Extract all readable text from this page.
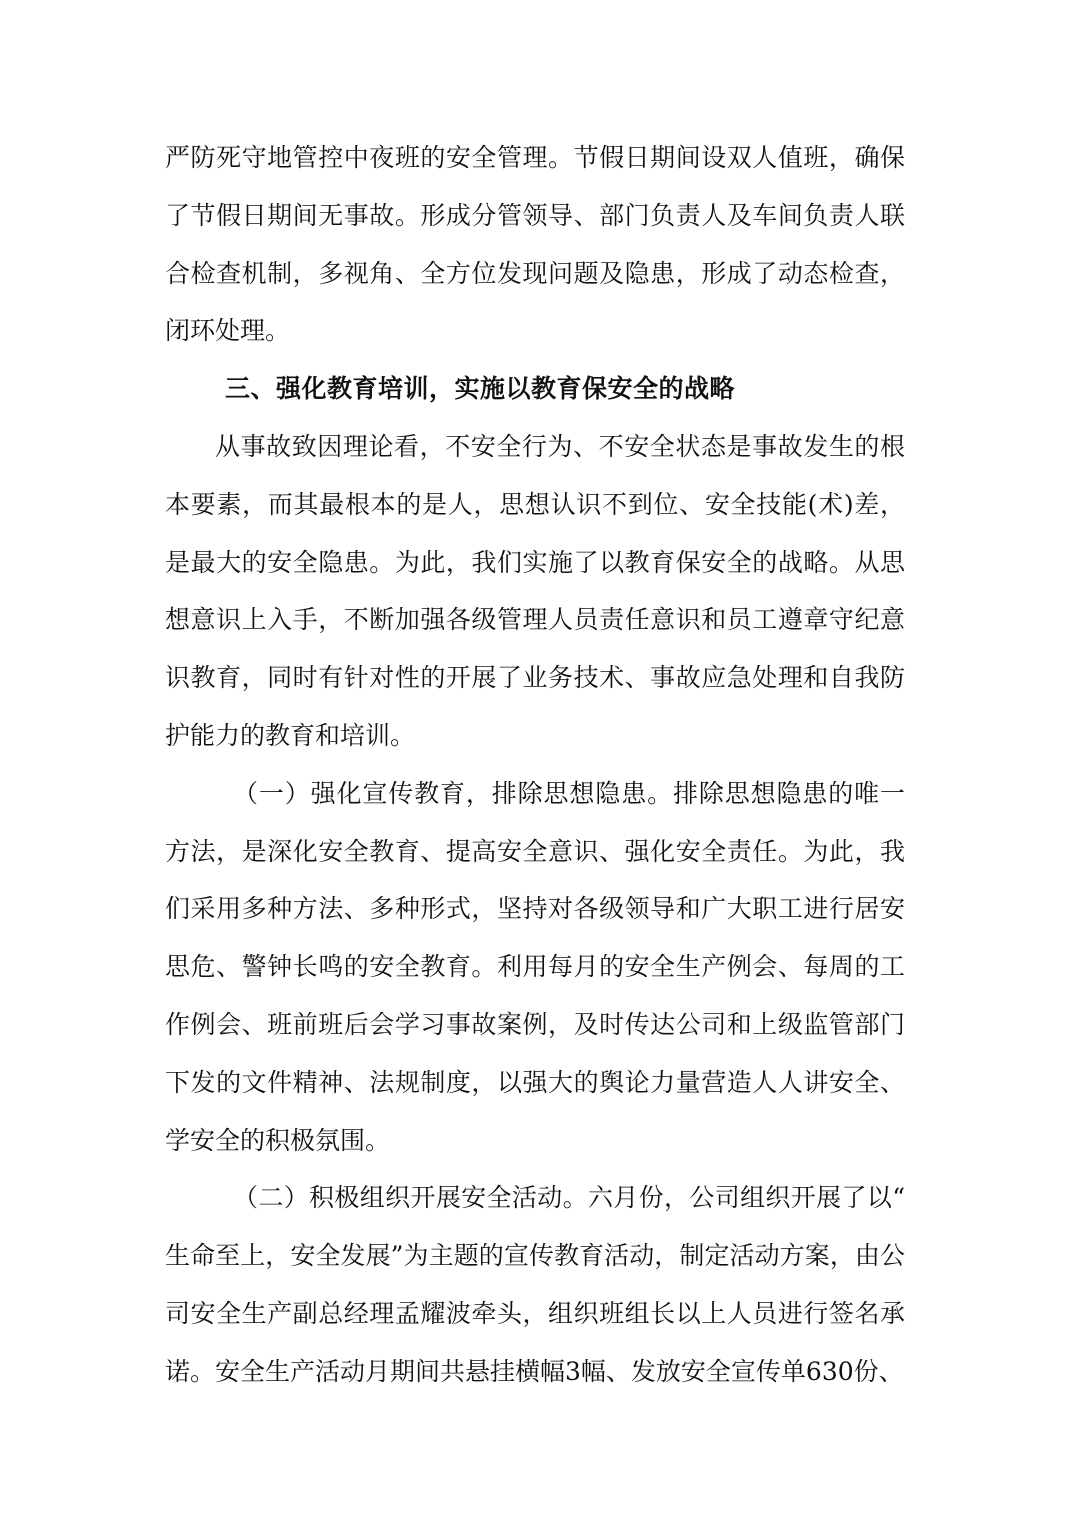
严防死守地管控中夜班的安全管理。节假日期间设双人值班，确保了节假日期间无事故。形成分管领导、部门负责人及车间负责人联合检查机制，多视角、全方位发现问题及隐患，形成了动态检查，闭环处理。

三、强化教育培训，实施以教育保安全的战略

从事故致因理论看，不安全行为、不安全状态是事故发生的根本要素，而其最根本的是人，思想认识不到位、安全技能(术)差，是最大的安全隐患。为此，我们实施了以教育保安全的战略。从思想意识上入手，不断加强各级管理人员责任意识和员工遵章守纪意识教育，同时有针对性的开展了业务技术、事故应急处理和自我防护能力的教育和培训。

（一）强化宣传教育，排除思想隐患。排除思想隐患的唯一方法，是深化安全教育、提高安全意识、强化安全责任。为此，我们采用多种方法、多种形式，坚持对各级领导和广大职工进行居安思危、警钟长鸣的安全教育。利用每月的安全生产例会、每周的工作例会、班前班后会学习事故案例，及时传达公司和上级监管部门下发的文件精神、法规制度，以强大的舆论力量营造人人讲安全、学安全的积极氛围。

（二）积极组织开展安全活动。六月份，公司组织开展了以“生命至上，安全发展”为主题的宣传教育活动，制定活动方案，由公司安全生产副总经理孟耀波牵头，组织班组长以上人员进行签名承诺。安全生产活动月期间共悬挂横幅3幅、发放安全宣传单630份、
